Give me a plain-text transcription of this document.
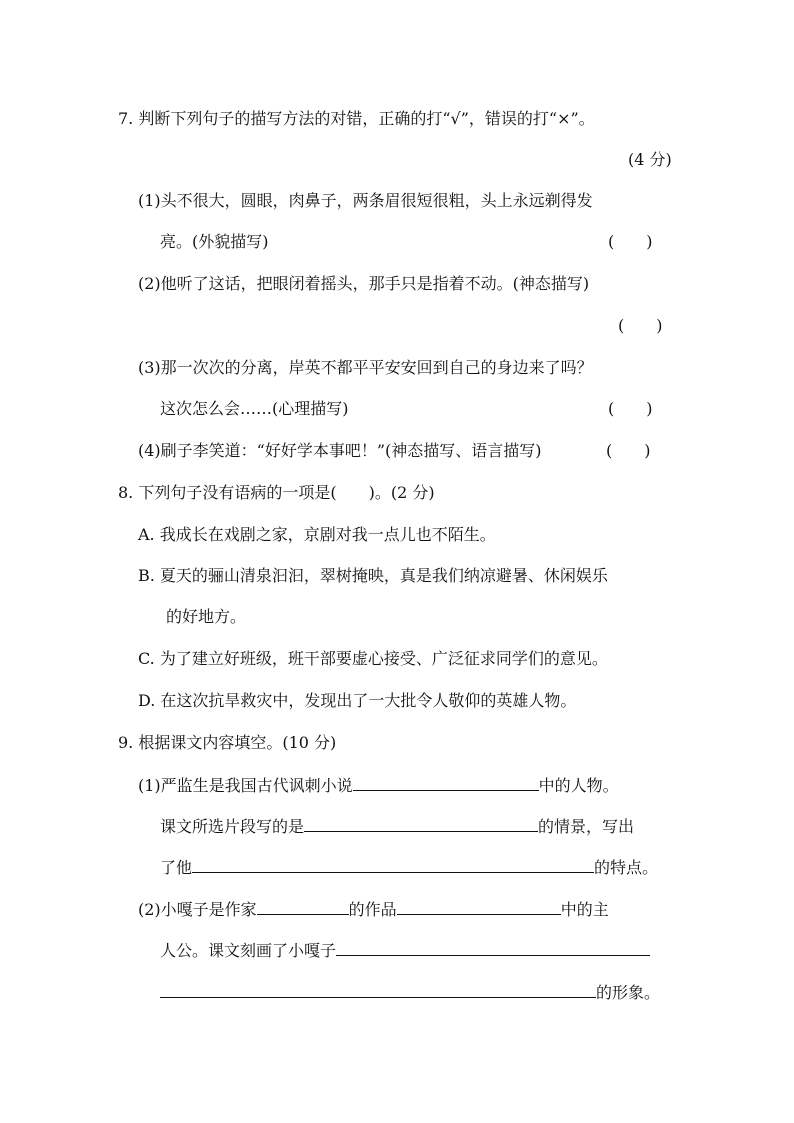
7. 判断下列句子的描写方法的对错，正确的打“√”，错误的打“×”。
(4 分)
(1)头不很大，圆眼，肉鼻子，两条眉很短很粗，头上永远剃得发
亮。(外貌描写)	(　　)
(2)他听了这话，把眼闭着摇头，那手只是指着不动。(神态描写)
(　　)
(3)那一次次的分离，岸英不都平平安安回到自己的身边来了吗？
这次怎么会……(心理描写)	(　　)
(4)刷子李笑道：“好好学本事吧！”(神态描写、语言描写)	(　　)
8. 下列句子没有语病的一项是(　　)。(2 分)
A. 我成长在戏剧之家，京剧对我一点儿也不陌生。
B. 夏天的骊山清泉汩汩，翠树掩映，真是我们纳凉避暑、休闲娱乐
的好地方。
C. 为了建立好班级，班干部要虚心接受、广泛征求同学们的意见。
D. 在这次抗旱救灾中，发现出了一大批令人敬仰的英雄人物。
9. 根据课文内容填空。(10 分)
(1)严监生是我国古代讽刺小说	中的人物。
课文所选片段写的是	的情景，写出
了他	的特点。
(2)小嘎子是作家	的作品	中的主
人公。课文刻画了小嘎子
的形象。
